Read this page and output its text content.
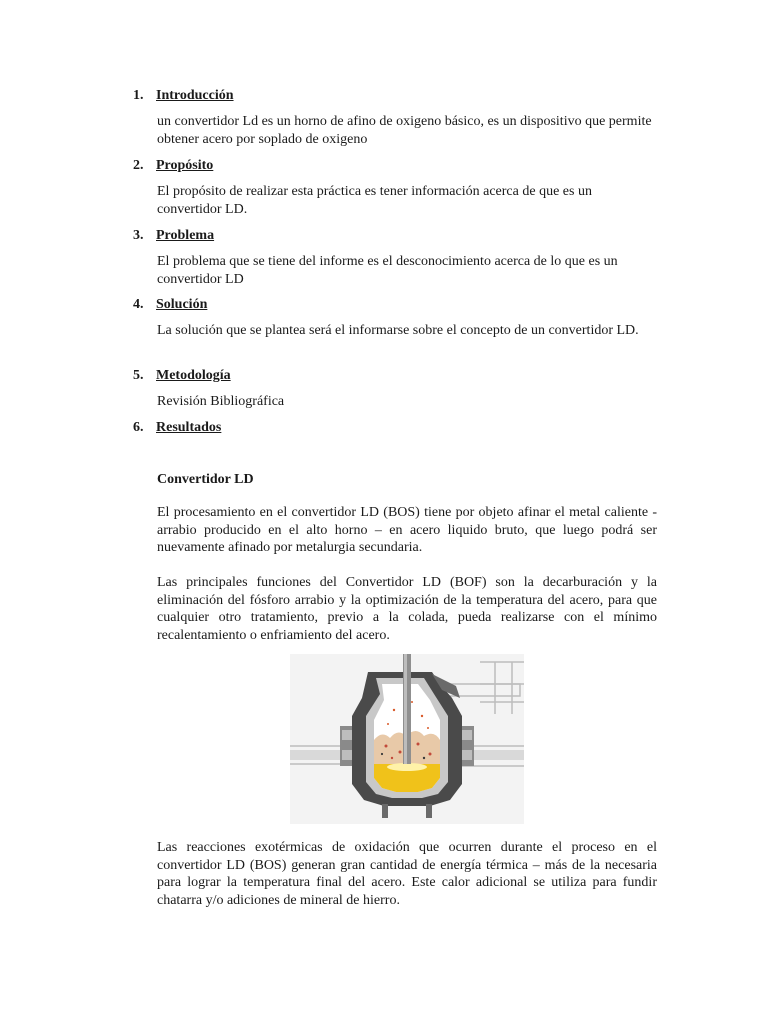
1. Introducción
un convertidor Ld es un horno de afino de oxigeno básico, es un dispositivo que permite obtener acero por soplado de oxigeno
2. Propósito
El propósito de realizar esta práctica es tener información acerca de que es un convertidor LD.
3. Problema
El problema que se tiene del informe es el desconocimiento acerca de lo que es un convertidor LD
4. Solución
La solución que se plantea será el informarse sobre el concepto de un convertidor LD.
5. Metodología
Revisión Bibliográfica
6. Resultados
Convertidor LD
El procesamiento en el convertidor LD (BOS) tiene por objeto afinar el metal caliente - arrabio producido en el alto horno – en acero liquido bruto, que luego podrá ser nuevamente afinado por metalurgia secundaria.
Las principales funciones del Convertidor LD (BOF) son la decarburación y la eliminación del fósforo arrabio y la optimización de la temperatura del acero, para que cualquier otro tratamiento, previo a la colada, pueda realizarse con el mínimo recalentamiento o enfriamiento del acero.
Las reacciones exotérmicas de oxidación que ocurren durante el proceso en el convertidor LD (BOS) generan gran cantidad de energía térmica – más de la necesaria para lograr la temperatura final del acero. Este calor adicional se utiliza para fundir chatarra y/o adiciones de mineral de hierro.
